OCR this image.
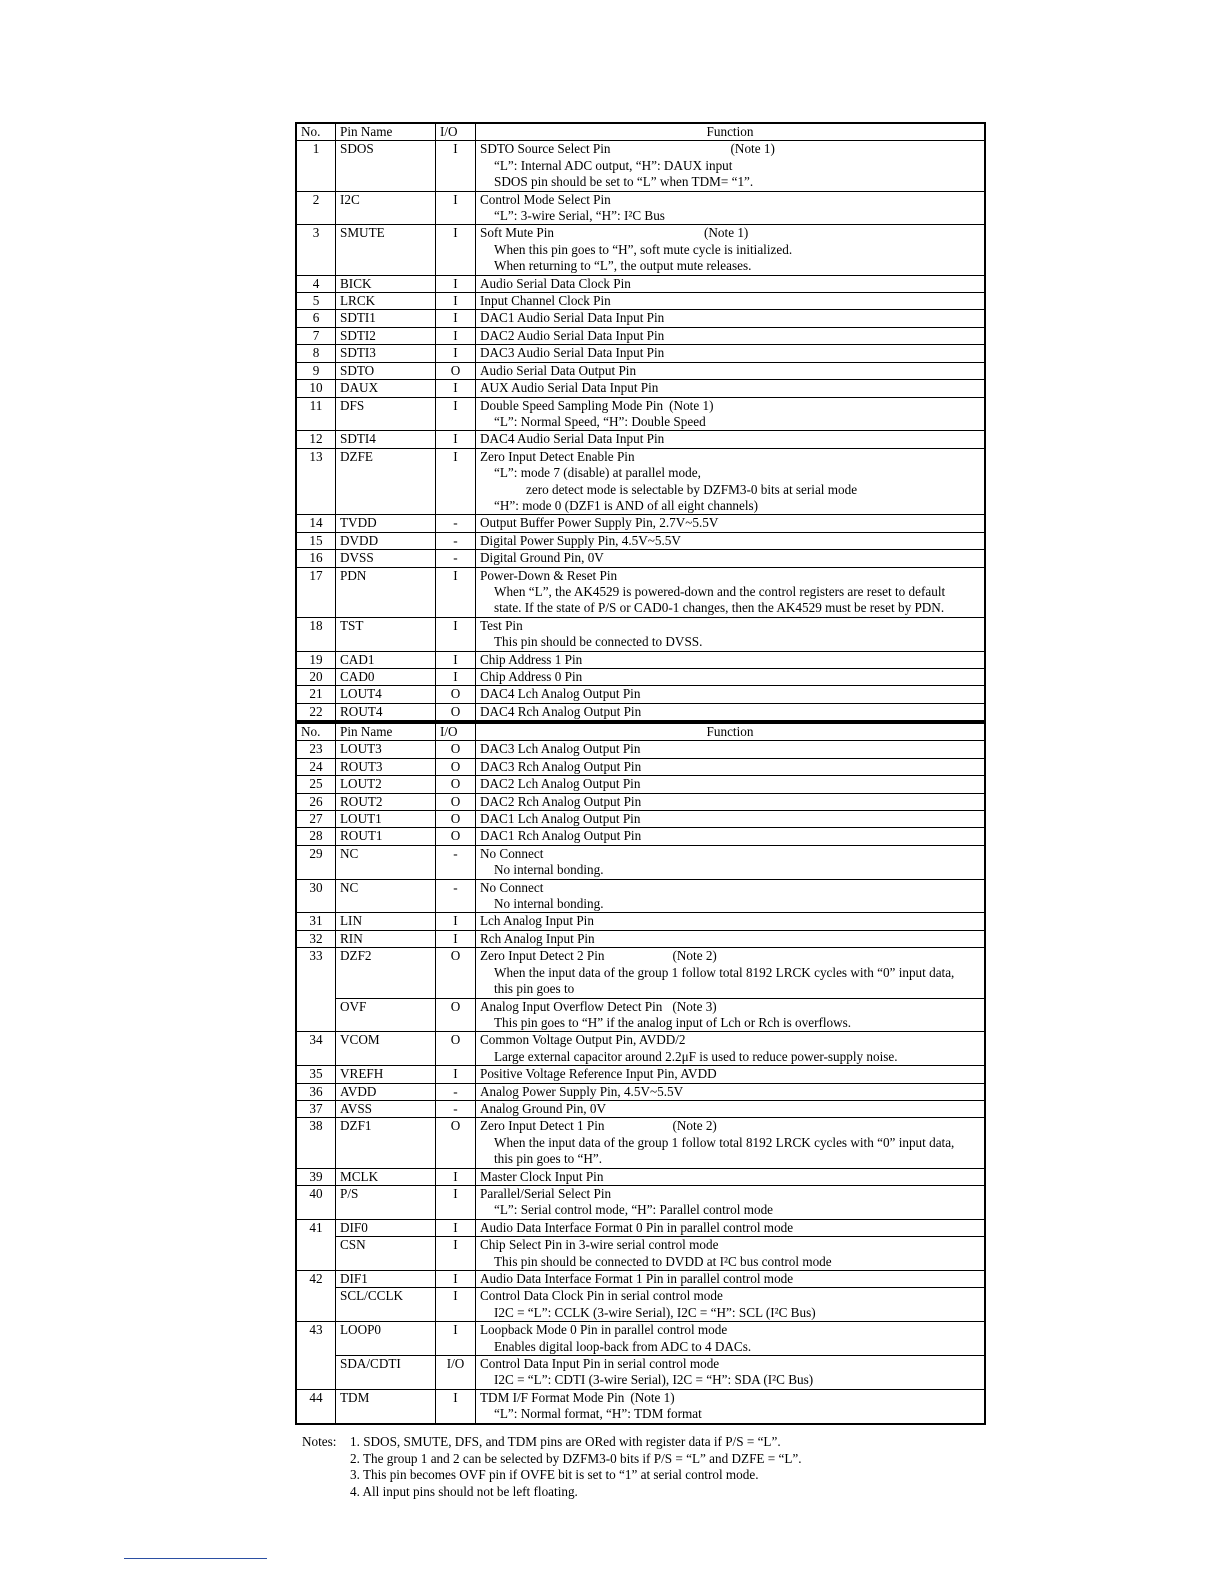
No.	Pin Name	I/O	Function
1	SDOS	I	SDTO Source Select Pin (Note 1)
“L”: Internal ADC output, “H”: DAUX input
SDOS pin should be set to “L” when TDM= “1”.

2	I2C	I	Control Mode Select Pin
“L”: 3-wire Serial, “H”: I²C Bus

3	SMUTE	I	Soft Mute Pin (Note 1)
When this pin goes to “H”, soft mute cycle is initialized.
When returning to “L”, the output mute releases.

4	BICK	I	Audio Serial Data Clock Pin

5	LRCK	I	Input Channel Clock Pin

6	SDTI1	I	DAC1 Audio Serial Data Input Pin

7	SDTI2	I	DAC2 Audio Serial Data Input Pin

8	SDTI3	I	DAC3 Audio Serial Data Input Pin

9	SDTO	O	Audio Serial Data Output Pin

10	DAUX	I	AUX Audio Serial Data Input Pin

11	DFS	I	Double Speed Sampling Mode Pin (Note 1)
“L”: Normal Speed, “H”: Double Speed

12	SDTI4	I	DAC4 Audio Serial Data Input Pin

13	DZFE	I	Zero Input Detect Enable Pin
“L”: mode 7 (disable) at parallel mode,
zero detect mode is selectable by DZFM3-0 bits at serial mode
“H”: mode 0 (DZF1 is AND of all eight channels)

14	TVDD	-	Output Buffer Power Supply Pin, 2.7V~5.5V

15	DVDD	-	Digital Power Supply Pin, 4.5V~5.5V

16	DVSS	-	Digital Ground Pin, 0V

17	PDN	I	Power-Down & Reset Pin
When “L”, the AK4529 is powered-down and the control registers are reset to default
state. If the state of P/S or CAD0-1 changes, then the AK4529 must be reset by PDN.

18	TST	I	Test Pin
This pin should be connected to DVSS.

19	CAD1	I	Chip Address 1 Pin

20	CAD0	I	Chip Address 0 Pin

21	LOUT4	O	DAC4 Lch Analog Output Pin

22	ROUT4	O	DAC4 Rch Analog Output Pin
No.	Pin Name	I/O	Function
23	LOUT3	O	DAC3 Lch Analog Output Pin

24	ROUT3	O	DAC3 Rch Analog Output Pin

25	LOUT2	O	DAC2 Lch Analog Output Pin

26	ROUT2	O	DAC2 Rch Analog Output Pin

27	LOUT1	O	DAC1 Lch Analog Output Pin

28	ROUT1	O	DAC1 Rch Analog Output Pin

29	NC	-	No Connect
No internal bonding.

30	NC	-	No Connect
No internal bonding.

31	LIN	I	Lch Analog Input Pin

32	RIN	I	Rch Analog Input Pin

33	DZF2	O	Zero Input Detect 2 Pin (Note 2)
When the input data of the group 1 follow total 8192 LRCK cycles with “0” input data,
this pin goes to

	OVF	O	Analog Input Overflow Detect Pin (Note 3)
This pin goes to “H” if the analog input of Lch or Rch is overflows.

34	VCOM	O	Common Voltage Output Pin, AVDD/2
Large external capacitor around 2.2μF is used to reduce power-supply noise.

35	VREFH	I	Positive Voltage Reference Input Pin, AVDD

36	AVDD	-	Analog Power Supply Pin, 4.5V~5.5V

37	AVSS	-	Analog Ground Pin, 0V

38	DZF1	O	Zero Input Detect 1 Pin (Note 2)
When the input data of the group 1 follow total 8192 LRCK cycles with “0” input data,
this pin goes to “H”.

39	MCLK	I	Master Clock Input Pin

40	P/S	I	Parallel/Serial Select Pin
“L”: Serial control mode, “H”: Parallel control mode

41	DIF0	I	Audio Data Interface Format 0 Pin in parallel control mode

	CSN	I	Chip Select Pin in 3-wire serial control mode
This pin should be connected to DVDD at I²C bus control mode

42	DIF1	I	Audio Data Interface Format 1 Pin in parallel control mode

	SCL/CCLK	I	Control Data Clock Pin in serial control mode
I2C = “L”: CCLK (3-wire Serial), I2C = “H”: SCL (I²C Bus)

43	LOOP0	I	Loopback Mode 0 Pin in parallel control mode
Enables digital loop-back from ADC to 4 DACs.

	SDA/CDTI	I/O	Control Data Input Pin in serial control mode
I2C = “L”: CDTI (3-wire Serial), I2C = “H”: SDA (I²C Bus)

44	TDM	I	TDM I/F Format Mode Pin (Note 1)
“L”: Normal format, “H”: TDM format
Notes: 1. SDOS, SMUTE, DFS, and TDM pins are ORed with register data if P/S = “L”.
2. The group 1 and 2 can be selected by DZFM3-0 bits if P/S = “L” and DZFE = “L”.
3. This pin becomes OVF pin if OVFE bit is set to “1” at serial control mode.
4. All input pins should not be left floating.
